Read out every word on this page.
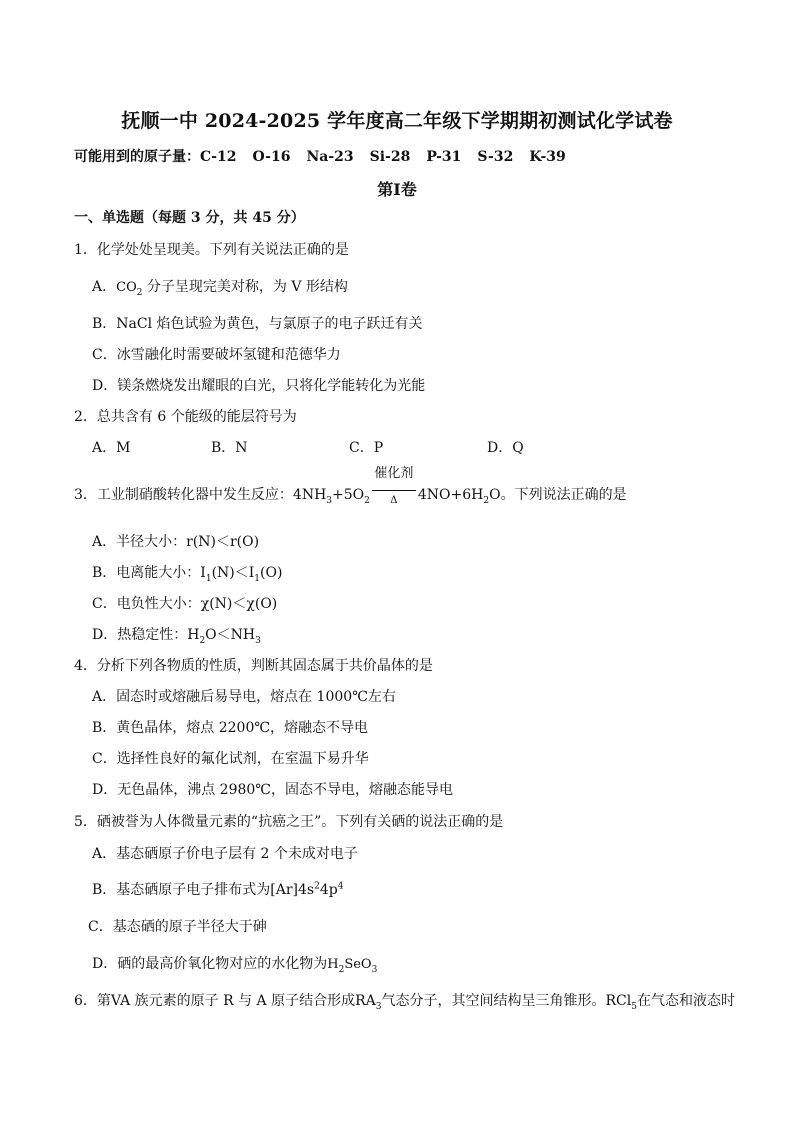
抚顺一中 2024-2025 学年度高二年级下学期期初测试化学试卷
可能用到的原子量：C-12 O-16 Na-23 Si-28 P-31 S-32 K-39
第Ⅰ卷
一、单选题（每题 3 分，共 45 分）
1．化学处处呈现美。下列有关说法正确的是
A．$CO_2$ 分子呈现完美对称，为 V 形结构
B．NaCl 焰色试验为黄色，与氯原子的电子跃迁有关
C．冰雪融化时需要破坏氢键和范德华力
D．镁条燃烧发出耀眼的白光，只将化学能转化为光能
2．总共含有 6 个能级的能层符号为
A．M	B．N	C．P	D．Q
3．工业制硝酸转化器中发生反应：$4NH_3+5O_2$
催化剂
Δ	$4NO+6H_2O$。下列说法正确的是
A．半径大小：r(N)＜r(O)
B．电离能大小：$I_1(N)<I_1(O)$
C．电负性大小：χ(N)＜χ(O)
D．热稳定性：$H_2O<NH_3$
4．分析下列各物质的性质，判断其固态属于共价晶体的是
A．固态时或熔融后易导电，熔点在 1000℃左右
B．黄色晶体，熔点 2200℃，熔融态不导电
C．选择性良好的氟化试剂，在室温下易升华
D．无色晶体，沸点 2980℃，固态不导电，熔融态能导电
5．硒被誉为人体微量元素的“抗癌之王”。下列有关硒的说法正确的是
A．基态硒原子价电子层有 2 个未成对电子
B．基态硒原子电子排布式为$[Ar]4s^24p^4$
C．基态硒的原子半径大于砷
D．硒的最高价氧化物对应的水化物为$H_2SeO_3$
6．第VA 族元素的原子 R 与 A 原子结合形成$RA_3$气态分子，其空间结构呈三角锥形。RCl$_5$在气态和液态时
